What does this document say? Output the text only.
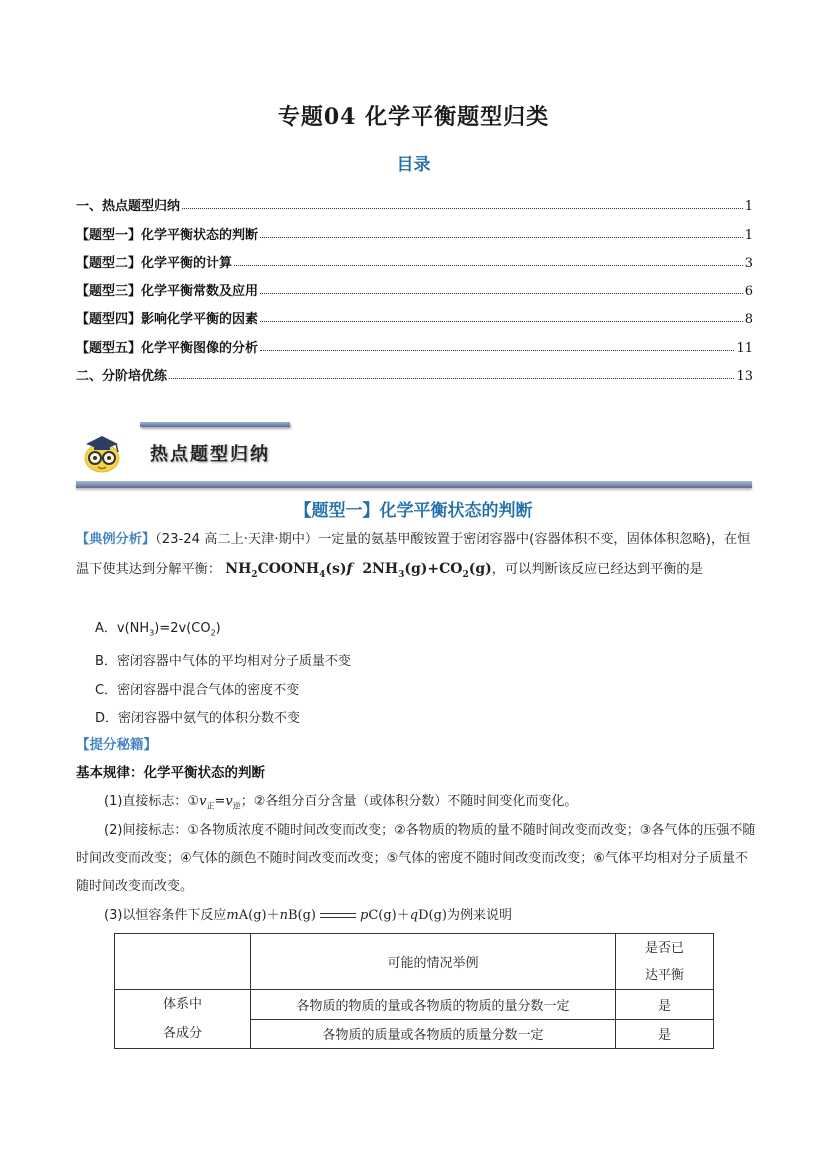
专题04 化学平衡题型归类
目录
一、热点题型归纳	1
【题型一】化学平衡状态的判断	1
【题型二】化学平衡的计算	3
【题型三】化学平衡常数及应用	6
【题型四】影响化学平衡的因素	8
【题型五】化学平衡图像的分析	11
二、分阶培优练	13
热点题型归纳
【题型一】化学平衡状态的判断
【典例分析】（23-24 高二上·天津·期中）一定量的氨基甲酸铵置于密闭容器中(容器体积不变，固体体积忽略)，在恒温下使其达到分解平衡： $NH_2COONH_4(s)f$ $2NH_3(g)+CO_2(g)$，可以判断该反应已经达到平衡的是
A．$v(NH_3)=2v(CO_2)$
B．密闭容器中气体的平均相对分子质量不变
C．密闭容器中混合气体的密度不变
D．密闭容器中氨气的体积分数不变
【提分秘籍】
基本规律：化学平衡状态的判断
(1)直接标志：$①v_正=v_逆$；②各组分百分含量（或体积分数）不随时间变化而变化。
(2)间接标志：①各物质浓度不随时间改变而改变；②各物质的物质的量不随时间改变而改变；③各气体的压强不随时间改变而改变；④气体的颜色不随时间改变而改变；⑤气体的密度不随时间改变而改变；⑥气体平均相对分子质量不随时间改变而改变。
(3)以恒容条件下反应mA(g)＋nB(g)	pC(g)＋qD(g)为例来说明
	可能的情况举例	是否已
达平衡
体系中
各成分	各物质的物质的量或各物质的物质的量分数一定	是
	各物质的质量或各物质的质量分数一定	是
